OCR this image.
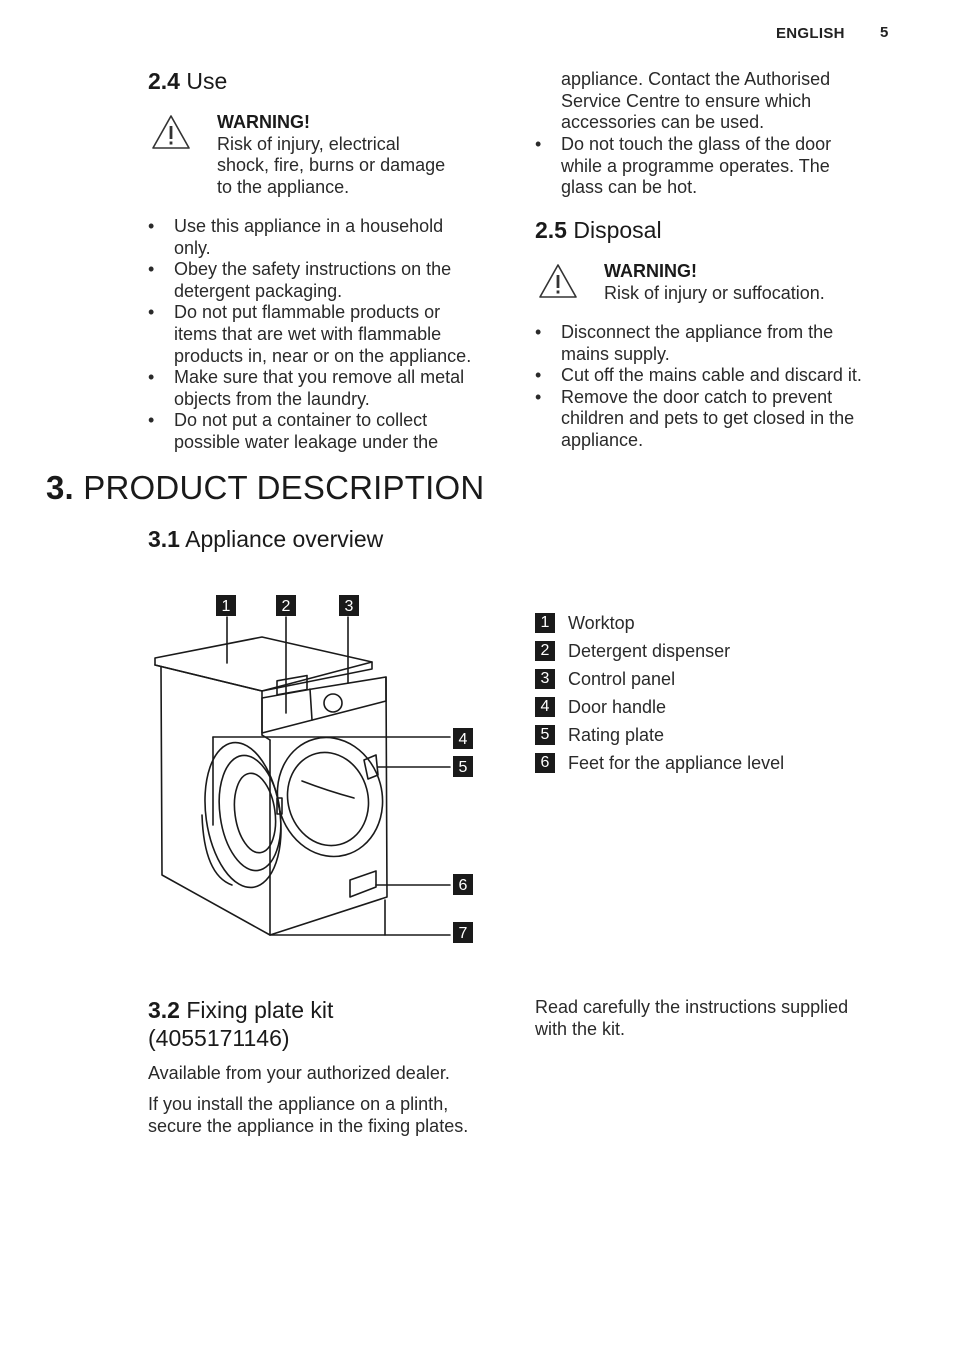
ENGLISH 5
2.4 Use
WARNING!
Risk of injury, electrical
shock, fire, burns or damage
to the appliance.
• Use this appliance in a household
only.
• Obey the safety instructions on the
detergent packaging.
• Do not put flammable products or
items that are wet with flammable
products in, near or on the appliance.
• Make sure that you remove all metal
objects from the laundry.
• Do not put a container to collect
possible water leakage under the
appliance. Contact the Authorised
Service Centre to ensure which
accessories can be used.
• Do not touch the glass of the door
while a programme operates. The
glass can be hot.
2.5 Disposal
WARNING!
Risk of injury or suffocation.
• Disconnect the appliance from the
mains supply.
• Cut off the mains cable and discard it.
• Remove the door catch to prevent
children and pets to get closed in the
appliance.
3. PRODUCT DESCRIPTION
3.1 Appliance overview
1	2	3
4
5
6
7
1	Worktop
2	Detergent dispenser
3	Control panel
4	Door handle
5	Rating plate
6	Feet for the appliance level
3.2 Fixing plate kit
(4055171146)
Available from your authorized dealer.
If you install the appliance on a plinth,
secure the appliance in the fixing plates.
Read carefully the instructions supplied
with the kit.
